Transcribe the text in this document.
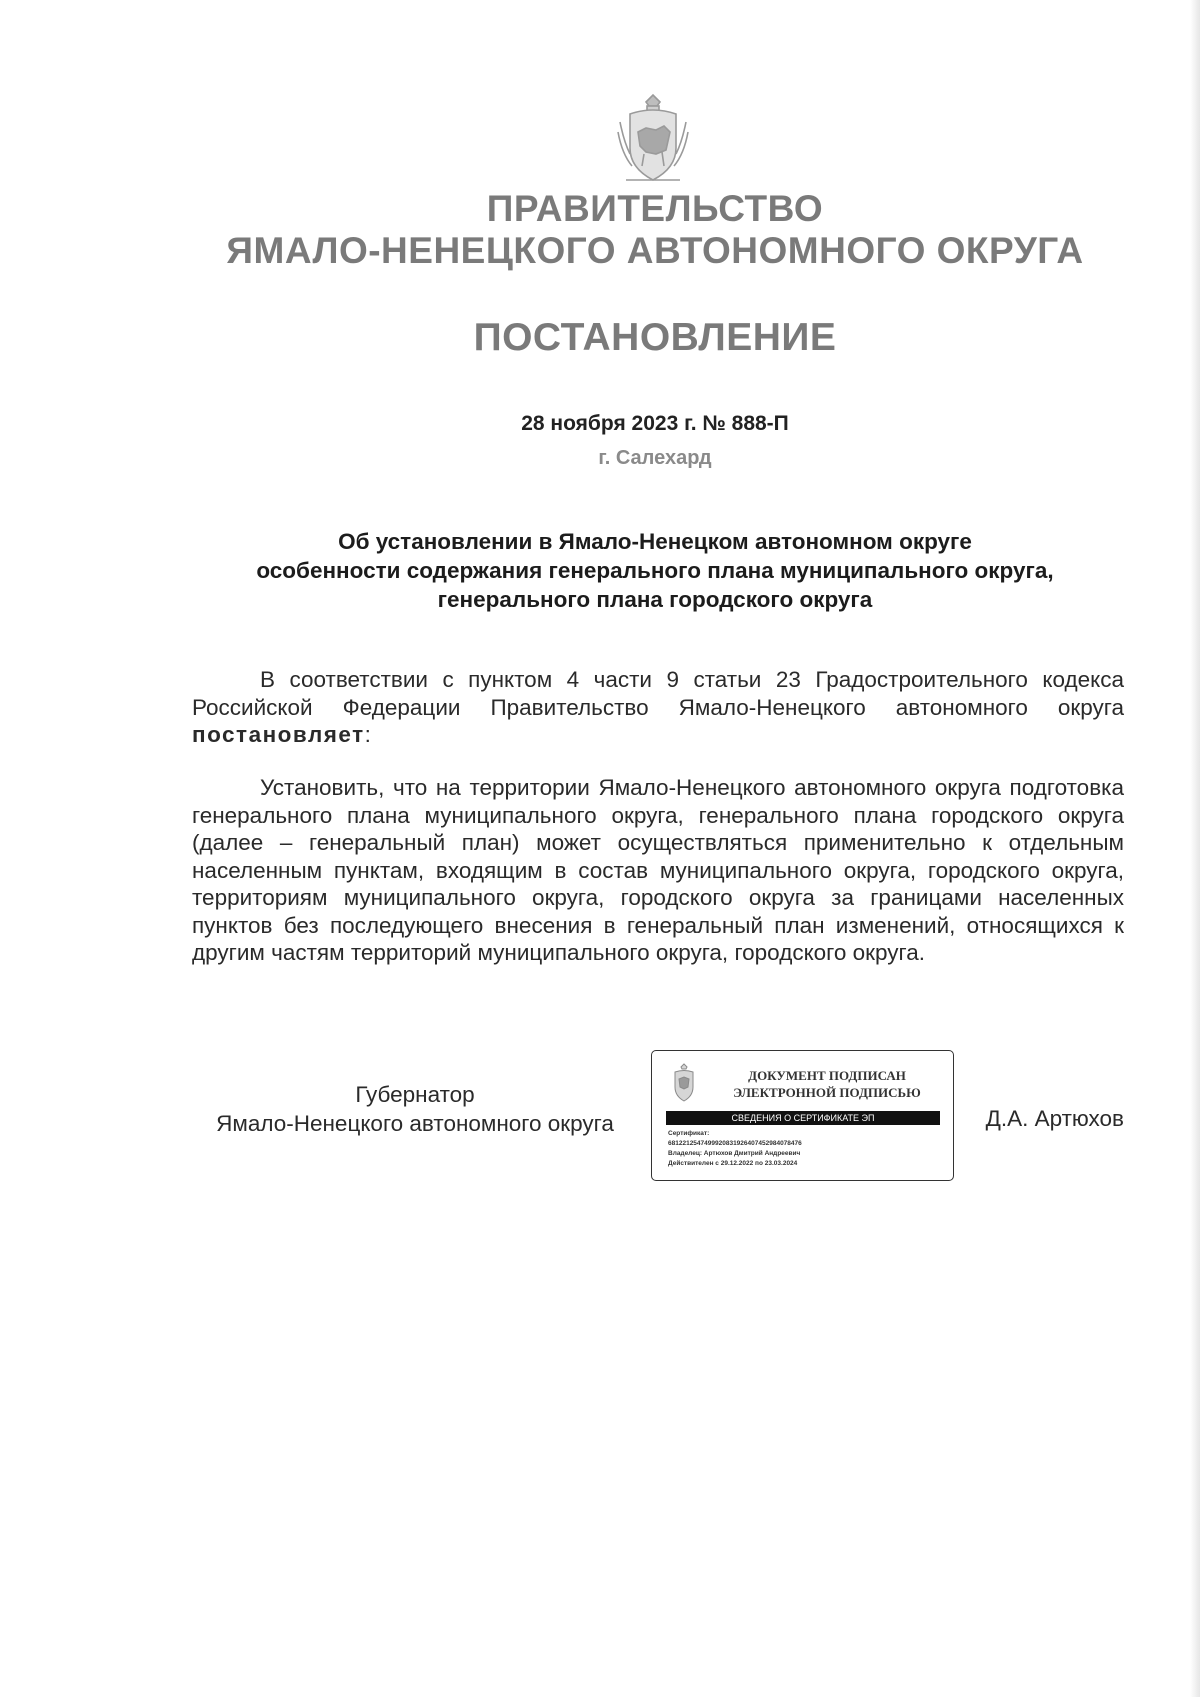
ПРАВИТЕЛЬСТВО
ЯМАЛО-НЕНЕЦКОГО АВТОНОМНОГО ОКРУГА
ПОСТАНОВЛЕНИЕ
28 ноября 2023 г. № 888-П
г. Салехард
Об установлении в Ямало-Ненецком автономном округе
особенности содержания генерального плана муниципального округа,
генерального плана городского округа
В соответствии с пунктом 4 части 9 статьи 23 Градостроительного кодекса Российской Федерации Правительство Ямало-Ненецкого автономного округа постановляет:
Установить, что на территории Ямало-Ненецкого автономного округа подготовка генерального плана муниципального округа, генерального плана городского округа (далее – генеральный план) может осуществляться применительно к отдельным населенным пунктам, входящим в состав муниципального округа, городского округа, территориям муниципального округа, городского округа за границами населенных пунктов без последующего внесения в генеральный план изменений, относящихся к другим частям территорий муниципального округа, городского округа.
Губернатор
Ямало-Ненецкого автономного округа
ДОКУМЕНТ ПОДПИСАН
ЭЛЕКТРОННОЙ ПОДПИСЬЮ
СВЕДЕНИЯ О СЕРТИФИКАТЕ ЭП
Сертификат:
6812212547499920831926407452984078476
Владелец: Артюхов Дмитрий Андреевич
Действителен с 29.12.2022 по 23.03.2024
Д.А. Артюхов
